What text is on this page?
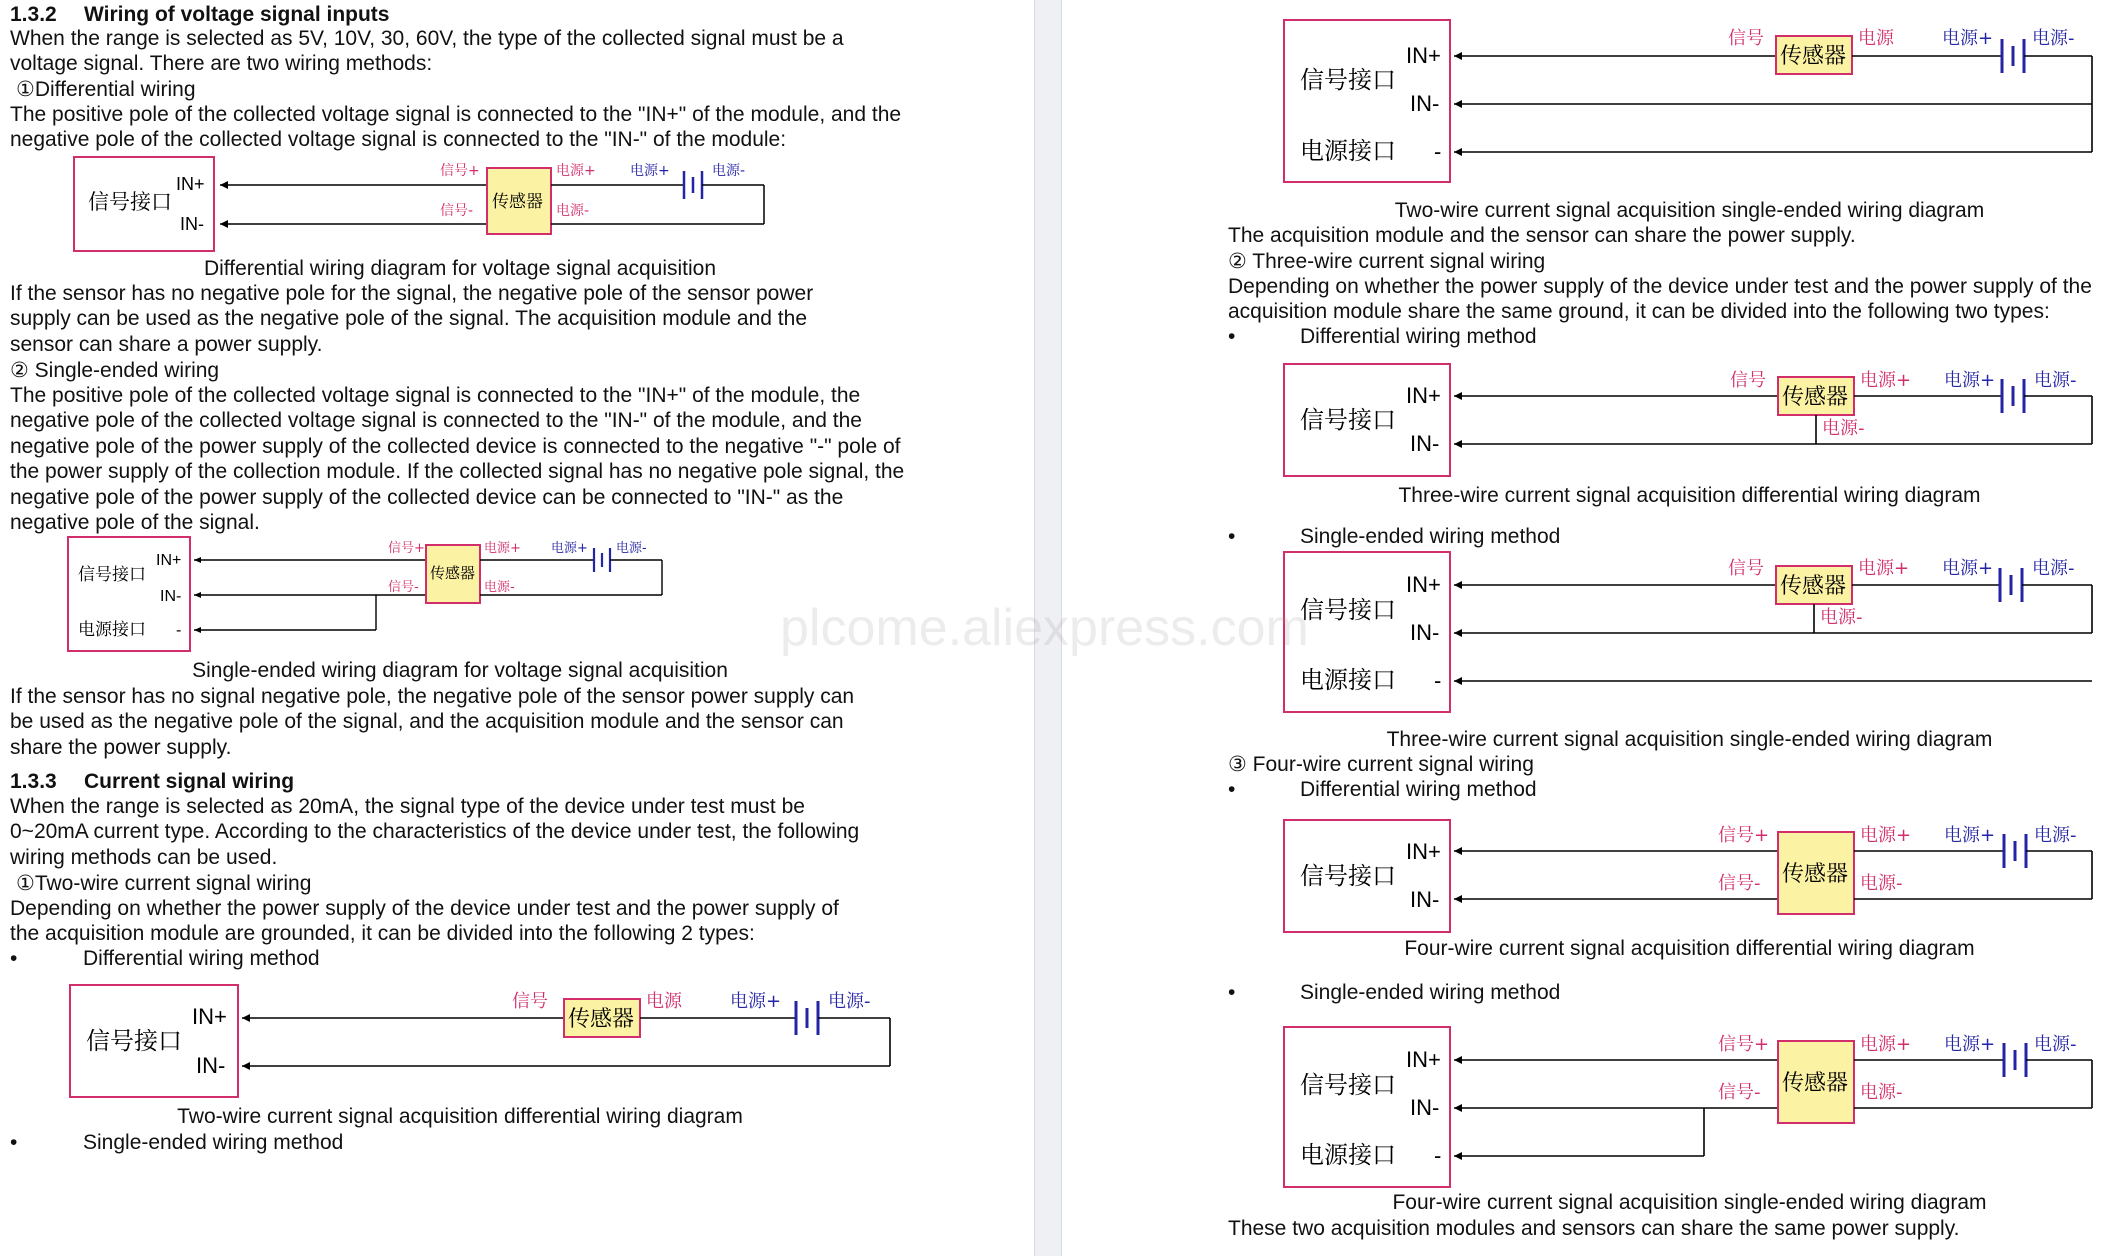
1.3.2 Wiring of voltage signal inputs
When the range is selected as 5V, 10V, 30, 60V, the type of the collected signal must be a
voltage signal. There are two wiring methods:
①Differential wiring
The positive pole of the collected voltage signal is connected to the "IN+" of the module, and the
negative pole of the collected voltage signal is connected to the "IN-" of the module:
信号接口
IN+
IN-
传感器
信号+
信号-
电源+
电源-
电源+	电源-
Differential wiring diagram for voltage signal acquisition
If the sensor has no negative pole for the signal, the negative pole of the sensor power
supply can be used as the negative pole of the signal. The acquisition module and the
sensor can share a power supply.
② Single-ended wiring
The positive pole of the collected voltage signal is connected to the "IN+" of the module, the
negative pole of the collected voltage signal is connected to the "IN-" of the module, and the
negative pole of the power supply of the collected device is connected to the negative "-" pole of
the power supply of the collection module. If the collected signal has no negative pole signal, the
negative pole of the power supply of the collected device can be connected to "IN-" as the
negative pole of the signal.
信号接口
电源接口
IN+
IN-
-
传感器
信号+
信号-
电源+
电源-
电源+ 电源-
Single-ended wiring diagram for voltage signal acquisition
If the sensor has no signal negative pole, the negative pole of the sensor power supply can
be used as the negative pole of the signal, and the acquisition module and the sensor can
share the power supply.
1.3.3 Current signal wiring
When the range is selected as 20mA, the signal type of the device under test must be
0~20mA current type. According to the characteristics of the device under test, the following
wiring methods can be used.
①Two-wire current signal wiring
Depending on whether the power supply of the device under test and the power supply of
the acquisition module are grounded, it can be divided into the following 2 types:
•	Differential wiring method
信号接口
IN+
IN-
传感器
信号	电源	电源+	电源-
Two-wire current signal acquisition differential wiring diagram
•	Single-ended wiring method
信号接口
电源接口
IN+
IN-
-
传感器
信号	电源	电源+ 电源-
Two-wire current signal acquisition single-ended wiring diagram
The acquisition module and the sensor can share the power supply.
② Three-wire current signal wiring
Depending on whether the power supply of the device under test and the power supply of the
acquisition module share the same ground, it can be divided into the following two types:
•	Differential wiring method
信号接口
IN+
IN-
传感器
信号	电源+
电源-
电源+ 电源-
Three-wire current signal acquisition differential wiring diagram
•	Single-ended wiring method
信号接口
电源接口
IN+
IN-
-
传感器
信号	电源+
电源-
电源+ 电源-
Three-wire current signal acquisition single-ended wiring diagram
③ Four-wire current signal wiring
•	Differential wiring method
信号接口
IN+
IN-
传感器
信号+
信号-
电源+
电源-
电源+ 电源-
Four-wire current signal acquisition differential wiring diagram
•	Single-ended wiring method
信号接口
电源接口
IN+
IN-
-
传感器
信号+
信号-
电源+
电源-
电源+ 电源-
Four-wire current signal acquisition single-ended wiring diagram
These two acquisition modules and sensors can share the same power supply.
plcome.aliexpress.com
